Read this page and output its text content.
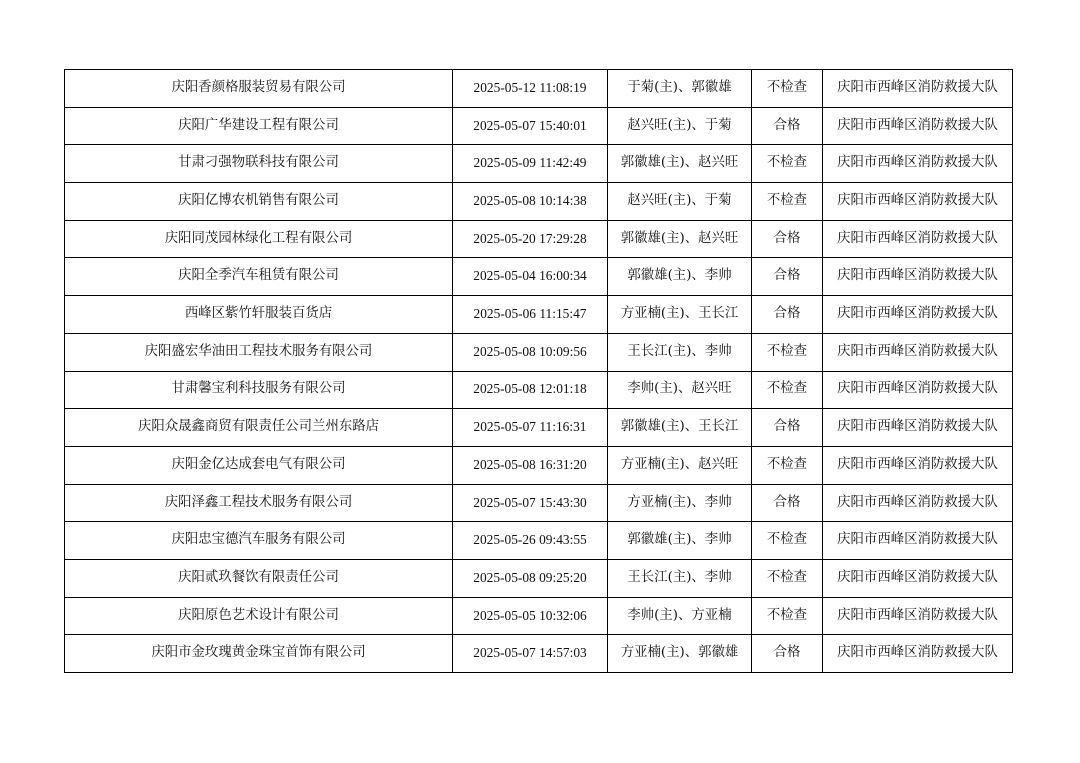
庆阳香颜格服装贸易有限公司	2025-05-12 11:08:19	于菊(主)、郭徽雄	不检查	庆阳市西峰区消防救援大队
庆阳广华建设工程有限公司	2025-05-07 15:40:01	赵兴旺(主)、于菊	合格	庆阳市西峰区消防救援大队
甘肃刁强物联科技有限公司	2025-05-09 11:42:49	郭徽雄(主)、赵兴旺	不检查	庆阳市西峰区消防救援大队
庆阳亿博农机销售有限公司	2025-05-08 10:14:38	赵兴旺(主)、于菊	不检查	庆阳市西峰区消防救援大队
庆阳同茂园林绿化工程有限公司	2025-05-20 17:29:28	郭徽雄(主)、赵兴旺	合格	庆阳市西峰区消防救援大队
庆阳全季汽车租赁有限公司	2025-05-04 16:00:34	郭徽雄(主)、李帅	合格	庆阳市西峰区消防救援大队
西峰区紫竹轩服装百货店	2025-05-06 11:15:47	方亚楠(主)、王长江	合格	庆阳市西峰区消防救援大队
庆阳盛宏华油田工程技术服务有限公司	2025-05-08 10:09:56	王长江(主)、李帅	不检查	庆阳市西峰区消防救援大队
甘肃馨宝利科技服务有限公司	2025-05-08 12:01:18	李帅(主)、赵兴旺	不检查	庆阳市西峰区消防救援大队
庆阳众晟鑫商贸有限责任公司兰州东路店	2025-05-07 11:16:31	郭徽雄(主)、王长江	合格	庆阳市西峰区消防救援大队
庆阳金亿达成套电气有限公司	2025-05-08 16:31:20	方亚楠(主)、赵兴旺	不检查	庆阳市西峰区消防救援大队
庆阳泽鑫工程技术服务有限公司	2025-05-07 15:43:30	方亚楠(主)、李帅	合格	庆阳市西峰区消防救援大队
庆阳忠宝德汽车服务有限公司	2025-05-26 09:43:55	郭徽雄(主)、李帅	不检查	庆阳市西峰区消防救援大队
庆阳贰玖餐饮有限责任公司	2025-05-08 09:25:20	王长江(主)、李帅	不检查	庆阳市西峰区消防救援大队
庆阳原色艺术设计有限公司	2025-05-05 10:32:06	李帅(主)、方亚楠	不检查	庆阳市西峰区消防救援大队
庆阳市金玫瑰黄金珠宝首饰有限公司	2025-05-07 14:57:03	方亚楠(主)、郭徽雄	合格	庆阳市西峰区消防救援大队
